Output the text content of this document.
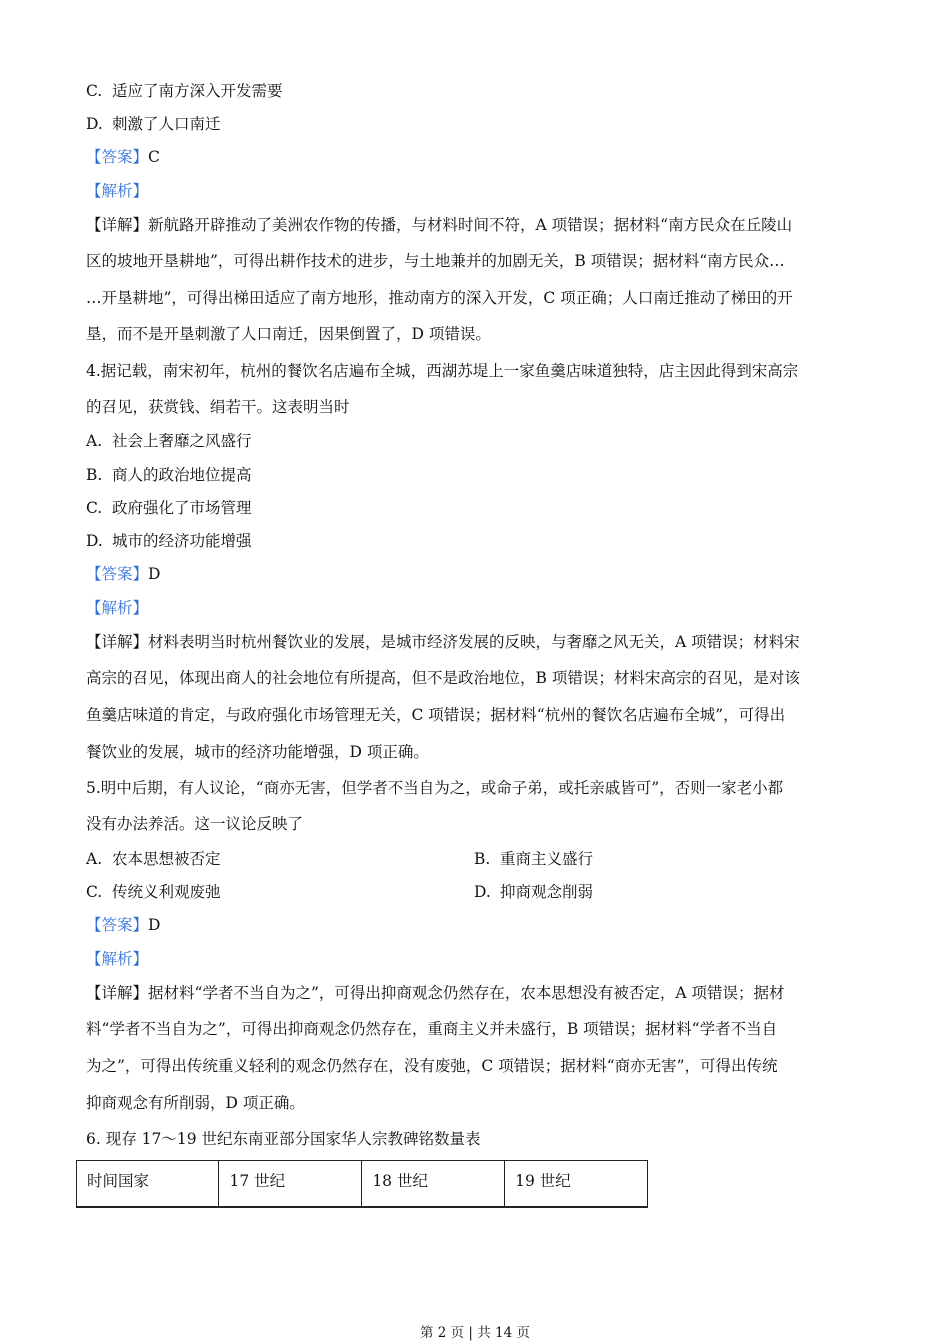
C. 适应了南方深入开发需要
D. 刺激了人口南迁
【答案】C
【解析】
【详解】新航路开辟推动了美洲农作物的传播，与材料时间不符，A 项错误；据材料“南方民众在丘陵山
区的坡地开垦耕地”，可得出耕作技术的进步，与土地兼并的加剧无关，B 项错误；据材料“南方民众…
…开垦耕地”，可得出梯田适应了南方地形，推动南方的深入开发，C 项正确；人口南迁推动了梯田的开
垦，而不是开垦刺激了人口南迁，因果倒置了，D 项错误。
4.据记载，南宋初年，杭州的餐饮名店遍布全城，西湖苏堤上一家鱼羹店味道独特，店主因此得到宋高宗
的召见，获赏钱、绢若干。这表明当时
A. 社会上奢靡之风盛行
B. 商人的政治地位提高
C. 政府强化了市场管理
D. 城市的经济功能增强
【答案】D
【解析】
【详解】材料表明当时杭州餐饮业的发展，是城市经济发展的反映，与奢靡之风无关，A 项错误；材料宋
高宗的召见，体现出商人的社会地位有所提高，但不是政治地位，B 项错误；材料宋高宗的召见，是对该
鱼羹店味道的肯定，与政府强化市场管理无关，C 项错误；据材料“杭州的餐饮名店遍布全城”，可得出
餐饮业的发展，城市的经济功能增强，D 项正确。
5.明中后期，有人议论，“商亦无害，但学者不当自为之，或命子弟，或托亲戚皆可”，否则一家老小都
没有办法养活。这一议论反映了
A. 农本思想被否定	B. 重商主义盛行
C. 传统义利观废弛	D. 抑商观念削弱
【答案】D
【解析】
【详解】据材料“学者不当自为之”，可得出抑商观念仍然存在，农本思想没有被否定，A 项错误；据材
料“学者不当自为之”，可得出抑商观念仍然存在，重商主义并未盛行，B 项错误；据材料“学者不当自
为之”，可得出传统重义轻利的观念仍然存在，没有废弛，C 项错误；据材料“商亦无害”，可得出传统
抑商观念有所削弱，D 项正确。
6. 现存 17～19 世纪东南亚部分国家华人宗教碑铭数量表
时间国家	17 世纪	18 世纪	19 世纪
第 2 页 | 共 14 页
